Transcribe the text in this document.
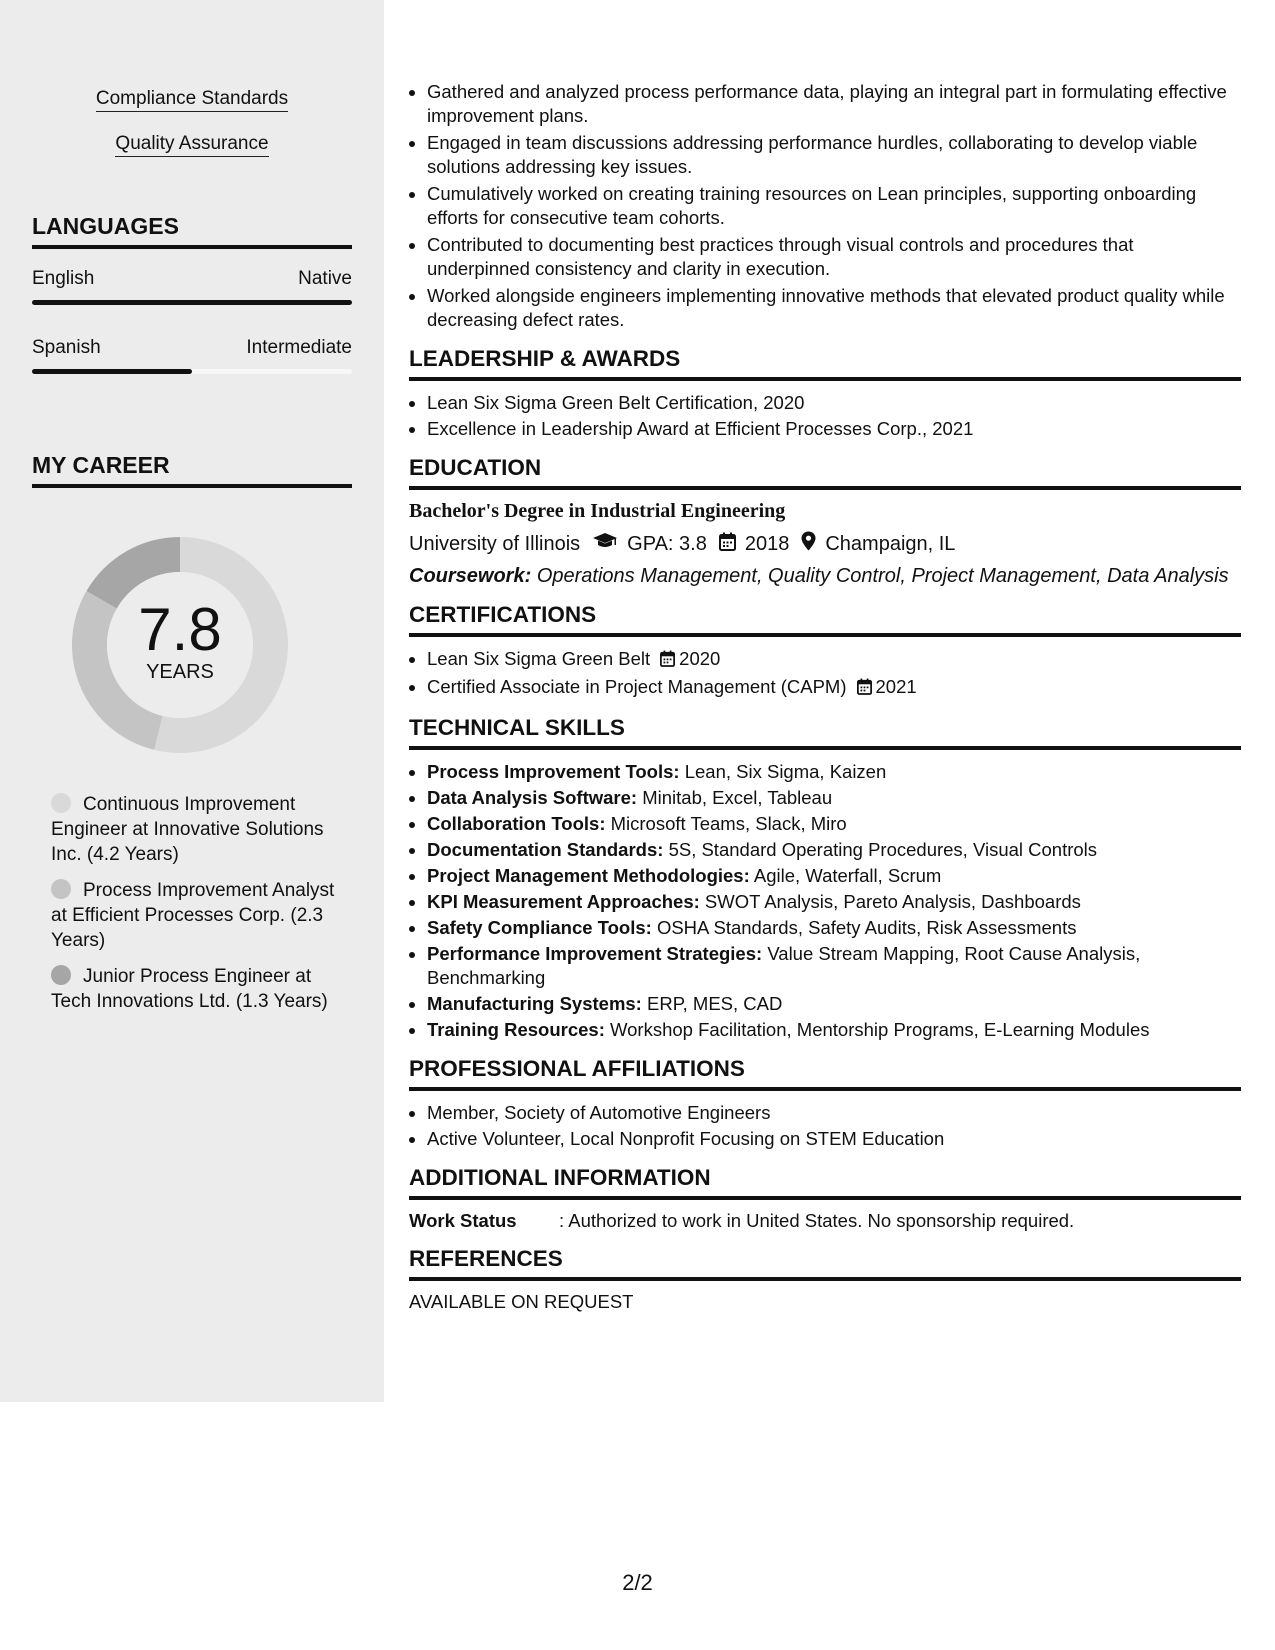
Compliance Standards
Quality Assurance
LANGUAGES
English	Native
Spanish	Intermediate
MY CAREER
7.8
YEARS
Continuous Improvement Engineer at Innovative Solutions Inc. (4.2 Years)
Process Improvement Analyst at Efficient Processes Corp. (2.3 Years)
Junior Process Engineer at Tech Innovations Ltd. (1.3 Years)
• Gathered and analyzed process performance data, playing an integral part in formulating effective improvement plans.
• Engaged in team discussions addressing performance hurdles, collaborating to develop viable solutions addressing key issues.
• Cumulatively worked on creating training resources on Lean principles, supporting onboarding efforts for consecutive team cohorts.
• Contributed to documenting best practices through visual controls and procedures that underpinned consistency and clarity in execution.
• Worked alongside engineers implementing innovative methods that elevated product quality while decreasing defect rates.
LEADERSHIP & AWARDS
• Lean Six Sigma Green Belt Certification, 2020
• Excellence in Leadership Award at Efficient Processes Corp., 2021
EDUCATION
Bachelor's Degree in Industrial Engineering
University of Illinois GPA: 3.8 2018 Champaign, IL
Coursework: Operations Management, Quality Control, Project Management, Data Analysis
CERTIFICATIONS
• Lean Six Sigma Green Belt 2020
• Certified Associate in Project Management (CAPM) 2021
TECHNICAL SKILLS
• Process Improvement Tools: Lean, Six Sigma, Kaizen
• Data Analysis Software: Minitab, Excel, Tableau
• Collaboration Tools: Microsoft Teams, Slack, Miro
• Documentation Standards: 5S, Standard Operating Procedures, Visual Controls
• Project Management Methodologies: Agile, Waterfall, Scrum
• KPI Measurement Approaches: SWOT Analysis, Pareto Analysis, Dashboards
• Safety Compliance Tools: OSHA Standards, Safety Audits, Risk Assessments
• Performance Improvement Strategies: Value Stream Mapping, Root Cause Analysis, Benchmarking
• Manufacturing Systems: ERP, MES, CAD
• Training Resources: Workshop Facilitation, Mentorship Programs, E-Learning Modules
PROFESSIONAL AFFILIATIONS
• Member, Society of Automotive Engineers
• Active Volunteer, Local Nonprofit Focusing on STEM Education
ADDITIONAL INFORMATION
Work Status	: Authorized to work in United States. No sponsorship required.
REFERENCES
AVAILABLE ON REQUEST
2/2
